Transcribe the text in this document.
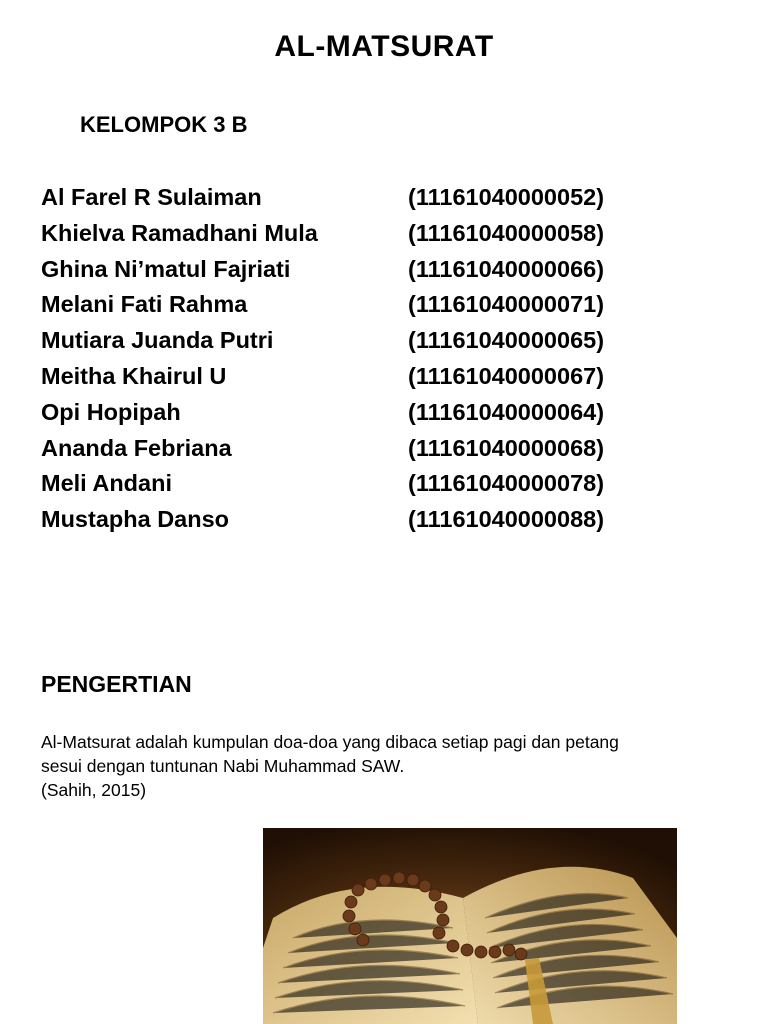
AL-MATSURAT
KELOMPOK 3 B
Al Farel R Sulaiman	(11161040000052)
Khielva Ramadhani Mula	(11161040000058)
Ghina Ni’matul Fajriati	(11161040000066)
Melani Fati Rahma	(11161040000071)
Mutiara Juanda Putri	(11161040000065)
Meitha Khairul U	(11161040000067)
Opi Hopipah	(11161040000064)
Ananda Febriana	(11161040000068)
Meli Andani	(11161040000078)
Mustapha Danso	(11161040000088)
PENGERTIAN

Al-Matsurat adalah kumpulan doa-doa yang dibaca setiap pagi dan petang

sesui dengan tuntunan Nabi Muhammad SAW.

(Sahih, 2015)
